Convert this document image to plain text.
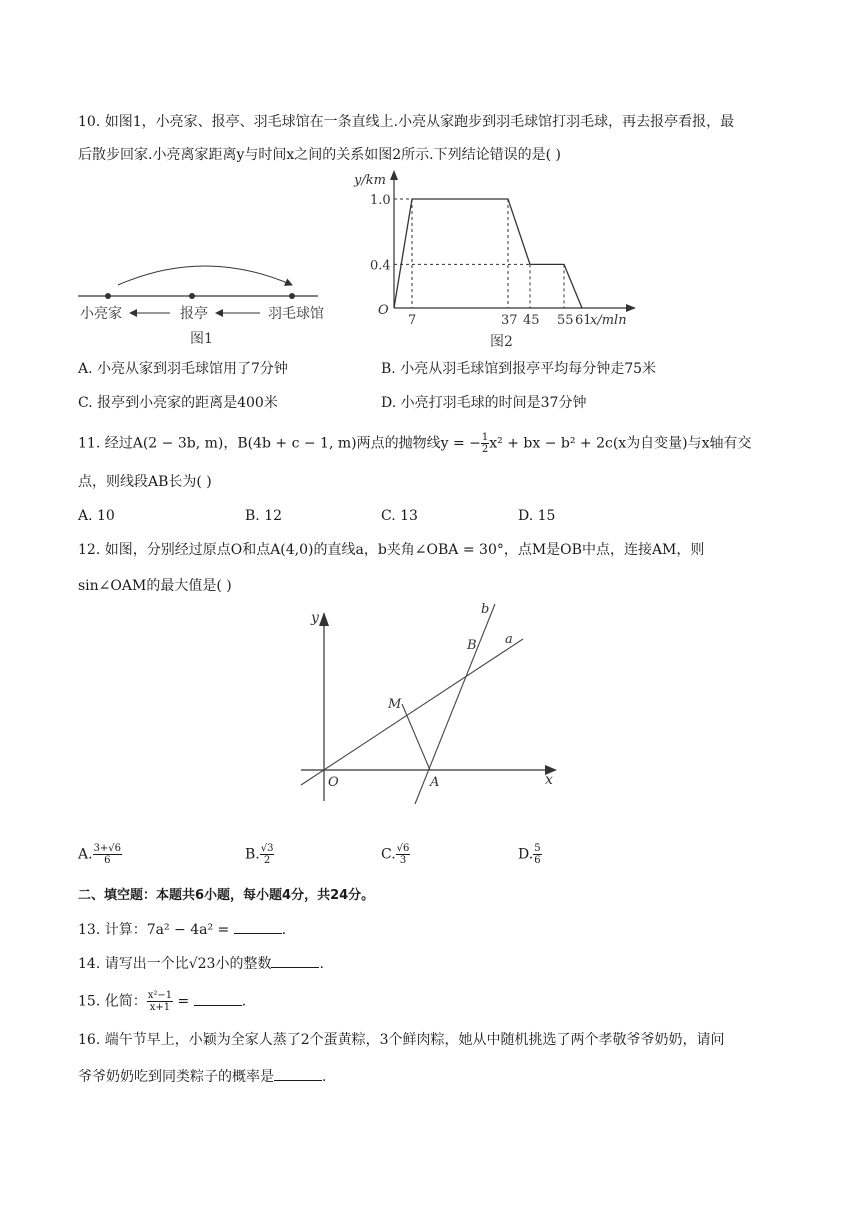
10. 如图1，小亮家、报亭、羽毛球馆在一条直线上.小亮从家跑步到羽毛球馆打羽毛球，再去报亭看报，最
后散步回家.小亮离家距离y与时间x之间的关系如图2所示.下列结论错误的是( )
小亮家	报亭	羽毛球馆
图1
y/km
x/mln
O
7	37 45 55 61
1.0
0.4
图2
A. 小亮从家到羽毛球馆用了7分钟	B. 小亮从羽毛球馆到报亭平均每分钟走75米
C. 报亭到小亮家的距离是400米	D. 小亮打羽毛球的时间是37分钟
11. 经过A(2 − 3b, m)，B(4b + c − 1, m)两点的抛物线y = − $\frac{1}{2} x^2$ + bx − b² + 2c(x为自变量)与x轴有交
点，则线段AB长为( )
A. 10	B. 12	C. 13	D. 15
12. 如图，分别经过原点O和点A(4,0)的直线a，b夹角∠OBA = 30°，点M是OB中点，连接AM，则
sin∠OAM的最大值是( )
y
x
O	A
B
M
a
b
A. $\frac{3+√6}{6}$	B. $\frac{√3}{2}$	C. $\frac{√6}{3}$	D. $\frac{5}{6}$
二、填空题：本题共6小题，每小题4分，共24分。
13. 计算：7a² − 4a² =	.
14. 请写出一个比√23小的整数	.
15. 化简： $\frac{\text{x²−1}}{x+1}$ =	.
16. 端午节早上，小颖为全家人蒸了2个蛋黄粽，3个鲜肉粽，她从中随机挑选了两个孝敬爷爷奶奶，请问
爷爷奶奶吃到同类粽子的概率是	.
